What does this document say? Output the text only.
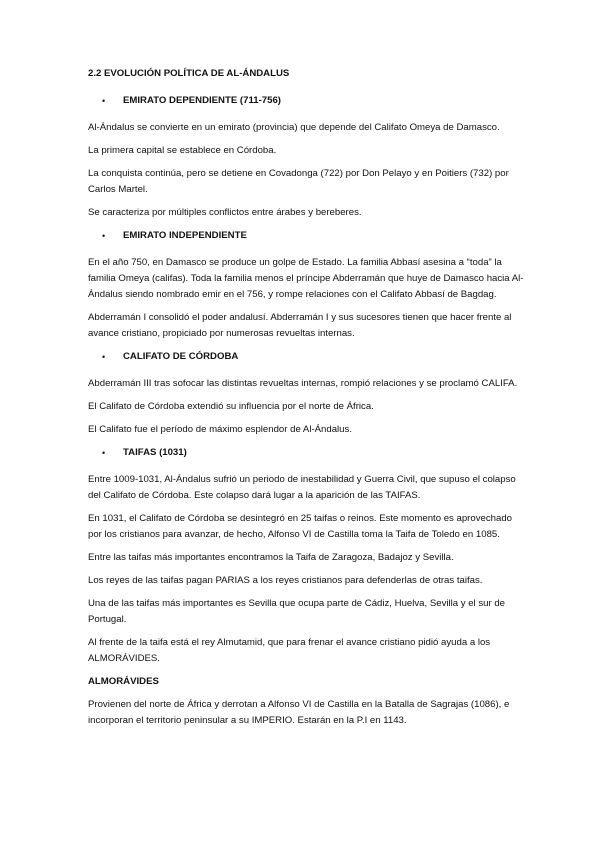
2.2 EVOLUCIÓN POLÍTICA DE AL-ÁNDALUS

•	EMIRATO DEPENDIENTE (711-756)

Al-Ándalus se convierte en un emirato (provincia) que depende del Califato Omeya de Damasco.

La primera capital se establece en Córdoba.

La conquista continúa, pero se detiene en Covadonga (722) por Don Pelayo y en Poitiers (732) por Carlos Martel.

Se caracteriza por múltiples conflictos entre árabes y bereberes.

•	EMIRATO INDEPENDIENTE

En el año 750, en Damasco se produce un golpe de Estado. La familia Abbasí asesina a “toda” la familia Omeya (califas). Toda la familia menos el príncipe Abderramán que huye de Damasco hacia Al-Ándalus siendo nombrado emir en el 756, y rompe relaciones con el Califato Abbasí de Bagdag.

Abderramán I consolidó el poder andalusí. Abderramán I y sus sucesores tienen que hacer frente al avance cristiano, propiciado por numerosas revueltas internas.

•	CALIFATO DE CÓRDOBA

Abderramán III tras sofocar las distintas revueltas internas, rompió relaciones y se proclamó CALIFA.

El Califato de Córdoba extendió su influencia por el norte de África.

El Califato fue el período de máximo esplendor de Al-Ándalus.

•	TAIFAS (1031)

Entre 1009-1031, Al-Ándalus sufrió un periodo de inestabilidad y Guerra Civil, que supuso el colapso del Califato de Córdoba. Este colapso dará lugar a la aparición de las TAIFAS.

En 1031, el Califato de Córdoba se desintegró en 25 taifas o reinos. Este momento es aprovechado por los cristianos para avanzar, de hecho, Alfonso VI de Castilla toma la Taifa de Toledo en 1085.

Entre las taifas más importantes encontramos la Taifa de Zaragoza, Badajoz y Sevilla.

Los reyes de las taifas pagan PARIAS a los reyes cristianos para defenderlas de otras taifas.

Una de las taifas más importantes es Sevilla que ocupa parte de Cádiz, Huelva, Sevilla y el sur de Portugal.

Al frente de la taifa está el rey Almutamid, que para frenar el avance cristiano pidió ayuda a los ALMORÁVIDES.

ALMORÁVIDES

Provienen del norte de África y derrotan a Alfonso VI de Castilla en la Batalla de Sagrajas (1086), e incorporan el territorio peninsular a su IMPERIO. Estarán en la P.I en 1143.
